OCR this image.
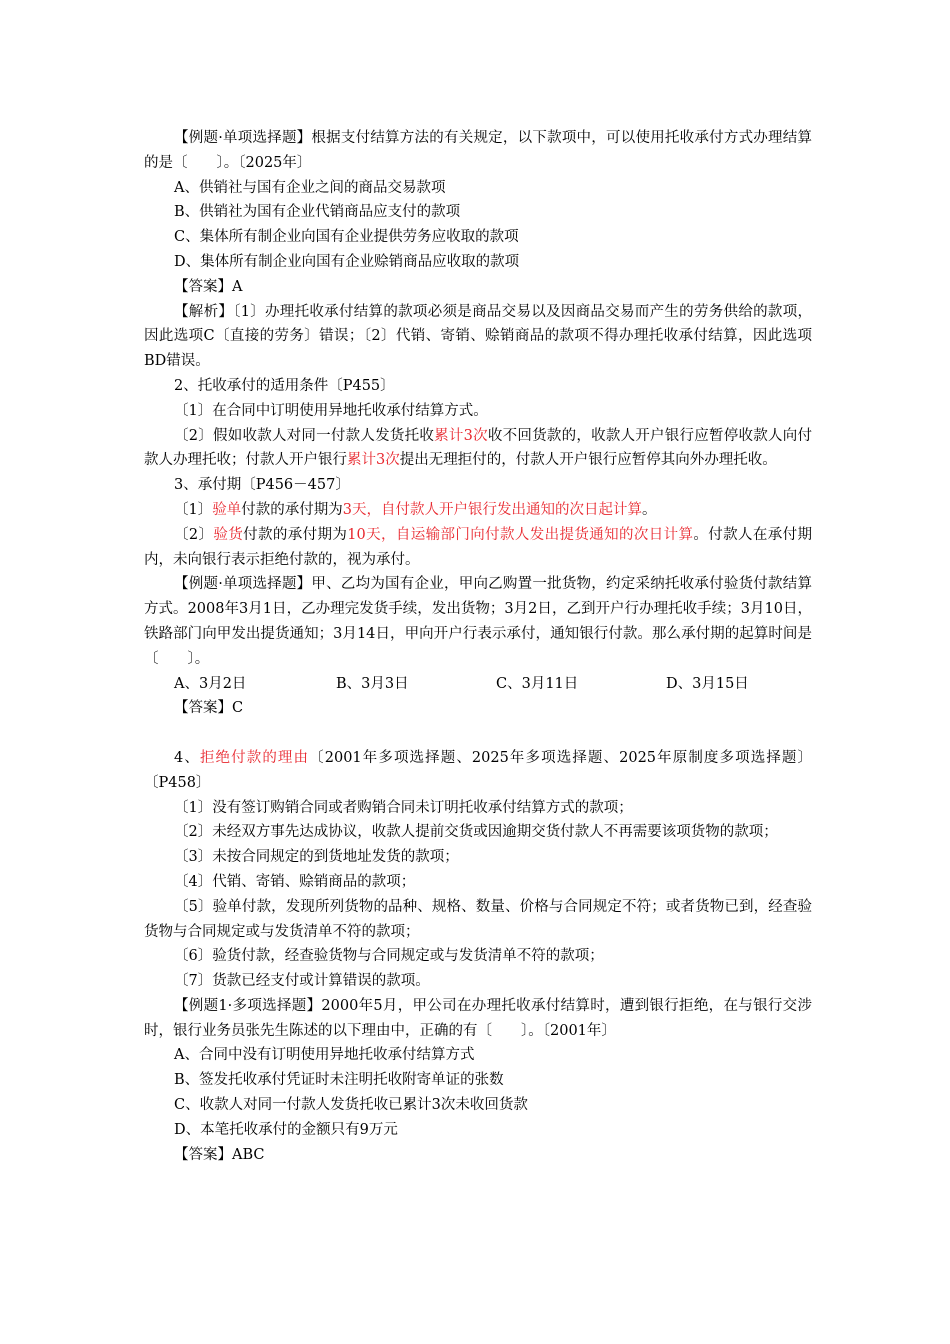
【例题·单项选择题】根据支付结算方法的有关规定，以下款项中，可以使用托收承付方式办理结算的是〔　　〕。〔2025年〕

A、供销社与国有企业之间的商品交易款项

B、供销社为国有企业代销商品应支付的款项

C、集体所有制企业向国有企业提供劳务应收取的款项

D、集体所有制企业向国有企业赊销商品应收取的款项

【答案】A

【解析】〔1〕办理托收承付结算的款项必须是商品交易以及因商品交易而产生的劳务供给的款项，因此选项C〔直接的劳务〕错误；〔2〕代销、寄销、赊销商品的款项不得办理托收承付结算，因此选项BD错误。

2、托收承付的适用条件〔P455〕

〔1〕在合同中订明使用异地托收承付结算方式。

〔2〕假如收款人对同一付款人发货托收累计3次收不回货款的，收款人开户银行应暂停收款人向付款人办理托收；付款人开户银行累计3次提出无理拒付的，付款人开户银行应暂停其向外办理托收。

3、承付期〔P456－457〕

〔1〕验单付款的承付期为3天，自付款人开户银行发出通知的次日起计算。

〔2〕验货付款的承付期为10天，自运输部门向付款人发出提货通知的次日计算。付款人在承付期内，未向银行表示拒绝付款的，视为承付。

【例题·单项选择题】甲、乙均为国有企业，甲向乙购置一批货物，约定采纳托收承付验货付款结算方式。2008年3月1日，乙办理完发货手续，发出货物；3月2日，乙到开户行办理托收手续；3月10日，铁路部门向甲发出提货通知；3月14日，甲向开户行表示承付，通知银行付款。那么承付期的起算时间是〔　　〕。

A、3月2日	B、3月3日	C、3月11日	D、3月15日

【答案】C

4、拒绝付款的理由〔2001年多项选择题、2025年多项选择题、2025年原制度多项选择题〕〔P458〕

〔1〕没有签订购销合同或者购销合同未订明托收承付结算方式的款项；

〔2〕未经双方事先达成协议，收款人提前交货或因逾期交货付款人不再需要该项货物的款项；

〔3〕未按合同规定的到货地址发货的款项；

〔4〕代销、寄销、赊销商品的款项；

〔5〕验单付款，发现所列货物的品种、规格、数量、价格与合同规定不符；或者货物已到，经查验货物与合同规定或与发货清单不符的款项；

〔6〕验货付款，经查验货物与合同规定或与发货清单不符的款项；

〔7〕货款已经支付或计算错误的款项。

【例题1·多项选择题】2000年5月，甲公司在办理托收承付结算时，遭到银行拒绝，在与银行交涉时，银行业务员张先生陈述的以下理由中，正确的有〔　　〕。〔2001年〕

A、合同中没有订明使用异地托收承付结算方式

B、签发托收承付凭证时未注明托收附寄单证的张数

C、收款人对同一付款人发货托收已累计3次未收回货款

D、本笔托收承付的金额只有9万元

【答案】ABC
